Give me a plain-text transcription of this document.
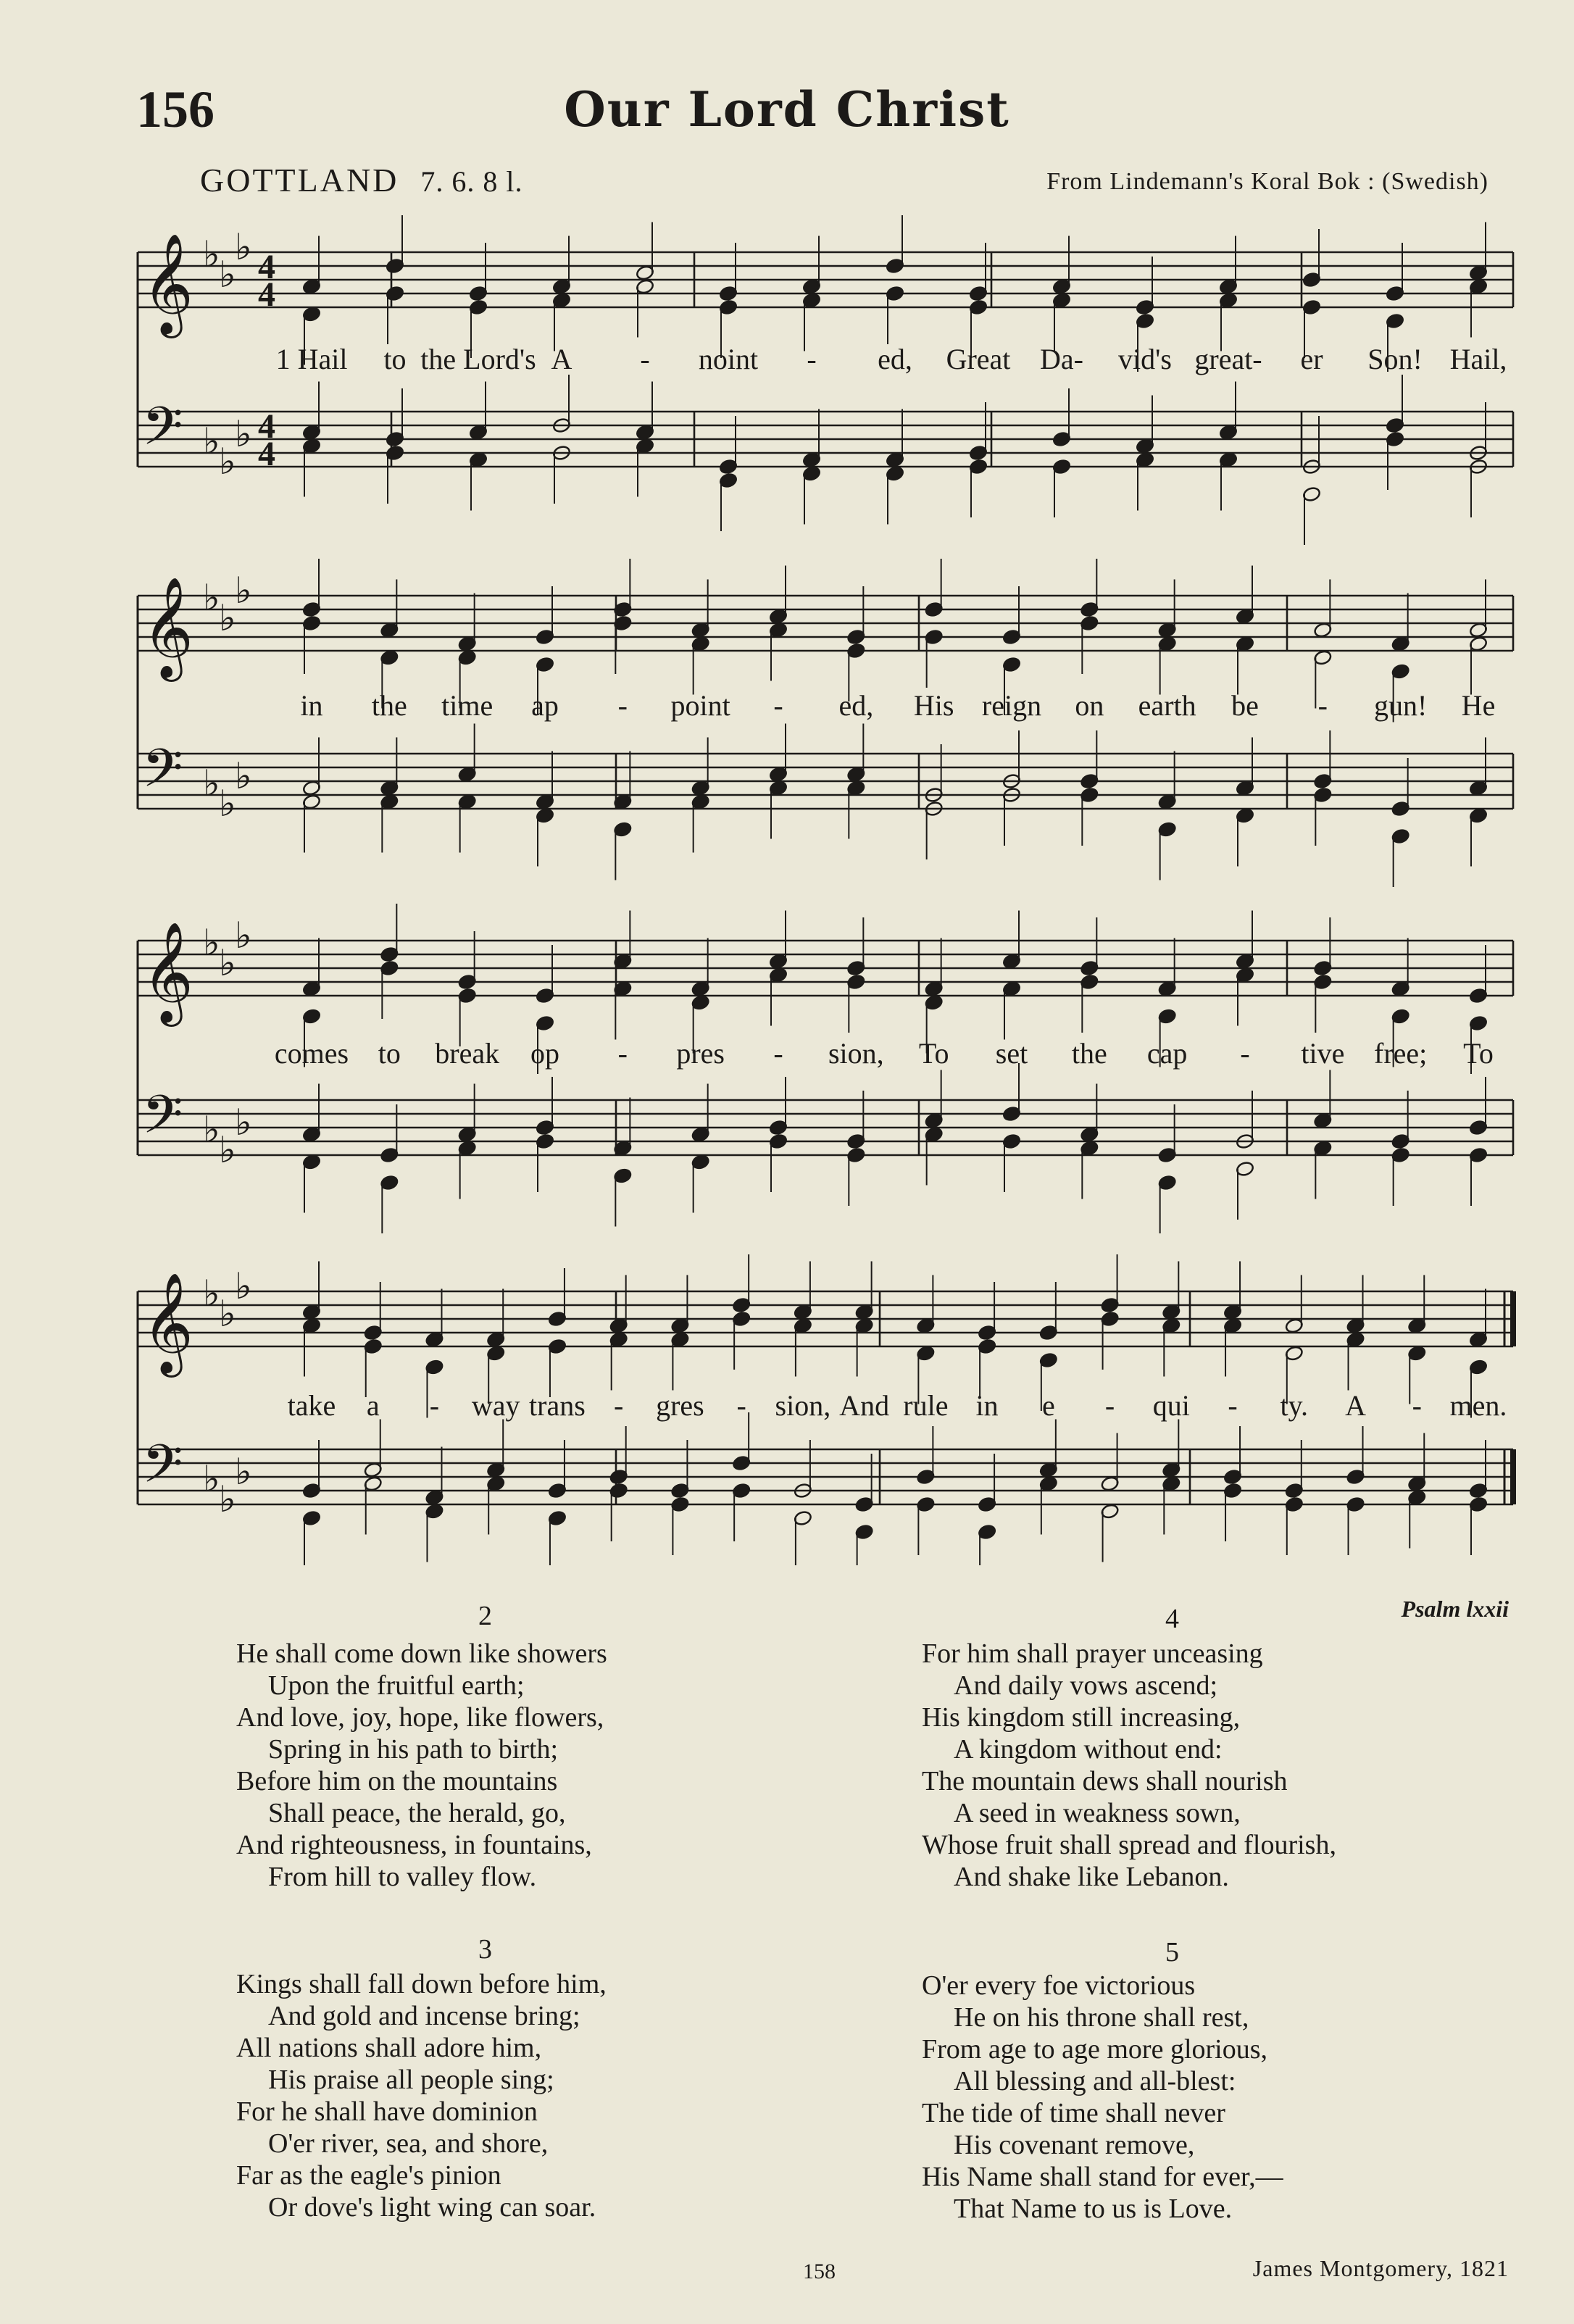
156	Our Lord Christ
GOTTLAND 7. 6. 8 l.	From Lindemann's Koral Bok : (Swedish)
𝄞
𝄢
♭
♭
♭
♭
♭
♭
4
4
4
4
𝄞
𝄢
♭
♭
♭
♭
♭
♭
𝄞
𝄢
♭
♭
♭
♭
♭
♭
𝄞
𝄢
♭
♭
♭
♭
♭
♭
1 Hail to the Lord's A - noint - ed, Great Da- vid's great- er Son! Hail,
in the time ap - point - ed, His reign on earth be - gun! He
comes to break op - pres - sion, To set the cap - tive free; To
take a - way trans - gres - sion, And rule in e - qui - ty. A - men.
2
He shall come down like showers
Upon the fruitful earth;
And love, joy, hope, like flowers,
Spring in his path to birth;
Before him on the mountains
Shall peace, the herald, go,
And righteousness, in fountains,
From hill to valley flow.
3
Kings shall fall down before him,
And gold and incense bring;
All nations shall adore him,
His praise all people sing;
For he shall have dominion
O'er river, sea, and shore,
Far as the eagle's pinion
Or dove's light wing can soar.
4	Psalm lxxii
For him shall prayer unceasing
And daily vows ascend;
His kingdom still increasing,
A kingdom without end:
The mountain dews shall nourish
A seed in weakness sown,
Whose fruit shall spread and flourish,
And shake like Lebanon.
5
O'er every foe victorious
He on his throne shall rest,
From age to age more glorious,
All blessing and all-blest:
The tide of time shall never
His covenant remove,
His Name shall stand for ever,—
That Name to us is Love.
158	James Montgomery, 1821
